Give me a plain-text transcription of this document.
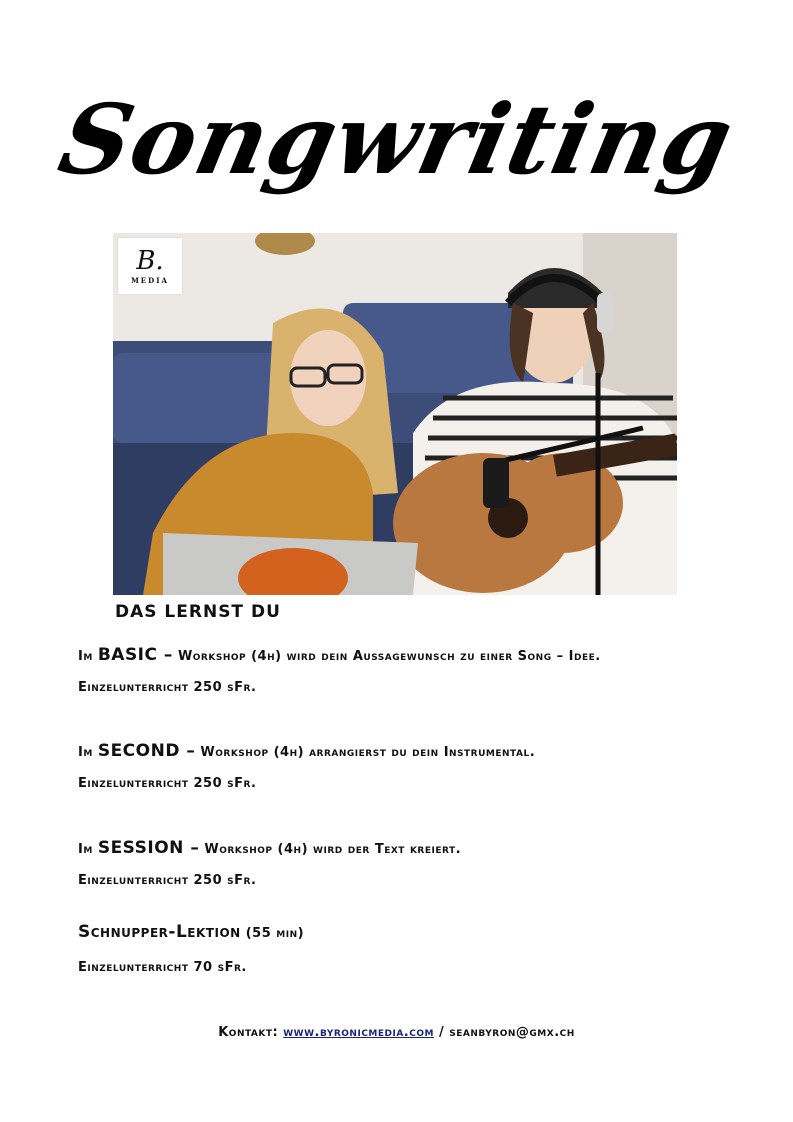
Songwriting
B.
MEDIA
DAS LERNST DU
Im BASIC – Workshop (4h) wird dein Aussagewunsch zu einer Song – Idee.
Einzelunterricht 250 sFr.
Im SECOND – Workshop (4h) arrangierst du dein Instrumental.
Einzelunterricht 250 sFr.
Im SESSION – Workshop (4h) wird der Text kreiert.
Einzelunterricht 250 sFr.
Schnupper-Lektion (55 min)
Einzelunterricht 70 sFr.
Kontakt: www.byronicmedia.com / seanbyron@gmx.ch
